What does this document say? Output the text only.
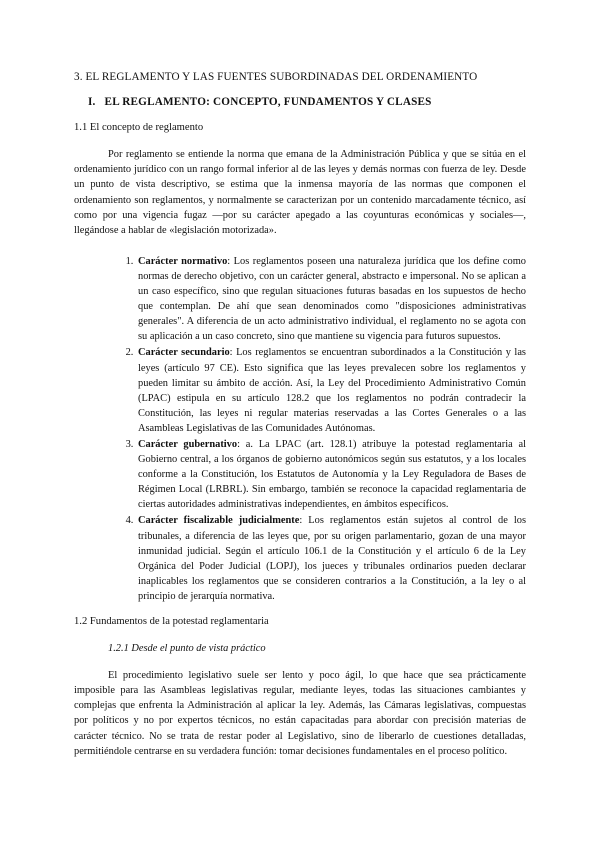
3. EL REGLAMENTO Y LAS FUENTES SUBORDINADAS DEL ORDENAMIENTO
I.   EL REGLAMENTO: CONCEPTO, FUNDAMENTOS Y CLASES
1.1 El concepto de reglamento

Por reglamento se entiende la norma que emana de la Administración Pública y que se sitúa en el ordenamiento jurídico con un rango formal inferior al de las leyes y demás normas con fuerza de ley. Desde un punto de vista descriptivo, se estima que la inmensa mayoría de las normas que componen el ordenamiento son reglamentos, y normalmente se caracterizan por un contenido marcadamente técnico, así como por una vigencia fugaz —por su carácter apegado a las coyunturas económicas y sociales—, llegándose a hablar de «legislación motorizada».

1. Carácter normativo: Los reglamentos poseen una naturaleza jurídica que los define como normas de derecho objetivo, con un carácter general, abstracto e impersonal. No se aplican a un caso específico, sino que regulan situaciones futuras basadas en los supuestos de hecho que contemplan. De ahí que sean denominados como "disposiciones administrativas generales". A diferencia de un acto administrativo individual, el reglamento no se agota con su aplicación a un caso concreto, sino que mantiene su vigencia para futuros supuestos.
2. Carácter secundario: Los reglamentos se encuentran subordinados a la Constitución y las leyes (artículo 97 CE). Esto significa que las leyes prevalecen sobre los reglamentos y pueden limitar su ámbito de acción. Así, la Ley del Procedimiento Administrativo Común (LPAC) estipula en su artículo 128.2 que los reglamentos no podrán contradecir la Constitución, las leyes ni regular materias reservadas a las Cortes Generales o a las Asambleas Legislativas de las Comunidades Autónomas.
3. Carácter gubernativo: a. La LPAC (art. 128.1) atribuye la potestad reglamentaria al Gobierno central, a los órganos de gobierno autonómicos según sus estatutos, y a los locales conforme a la Constitución, los Estatutos de Autonomía y la Ley Reguladora de Bases de Régimen Local (LRBRL). Sin embargo, también se reconoce la capacidad reglamentaria de ciertas autoridades administrativas independientes, en ámbitos específicos.
4. Carácter fiscalizable judicialmente: Los reglamentos están sujetos al control de los tribunales, a diferencia de las leyes que, por su origen parlamentario, gozan de una mayor inmunidad judicial. Según el artículo 106.1 de la Constitución y el artículo 6 de la Ley Orgánica del Poder Judicial (LOPJ), los jueces y tribunales ordinarios pueden declarar inaplicables los reglamentos que se consideren contrarios a la Constitución, a la ley o al principio de jerarquía normativa.
1.2 Fundamentos de la potestad reglamentaria
1.2.1 Desde el punto de vista práctico

El procedimiento legislativo suele ser lento y poco ágil, lo que hace que sea prácticamente imposible para las Asambleas legislativas regular, mediante leyes, todas las situaciones cambiantes y complejas que enfrenta la Administración al aplicar la ley. Además, las Cámaras legislativas, compuestas por políticos y no por expertos técnicos, no están capacitadas para abordar con precisión materias de carácter técnico. No se trata de restar poder al Legislativo, sino de liberarlo de cuestiones detalladas, permitiéndole centrarse en su verdadera función: tomar decisiones fundamentales en el proceso político.
